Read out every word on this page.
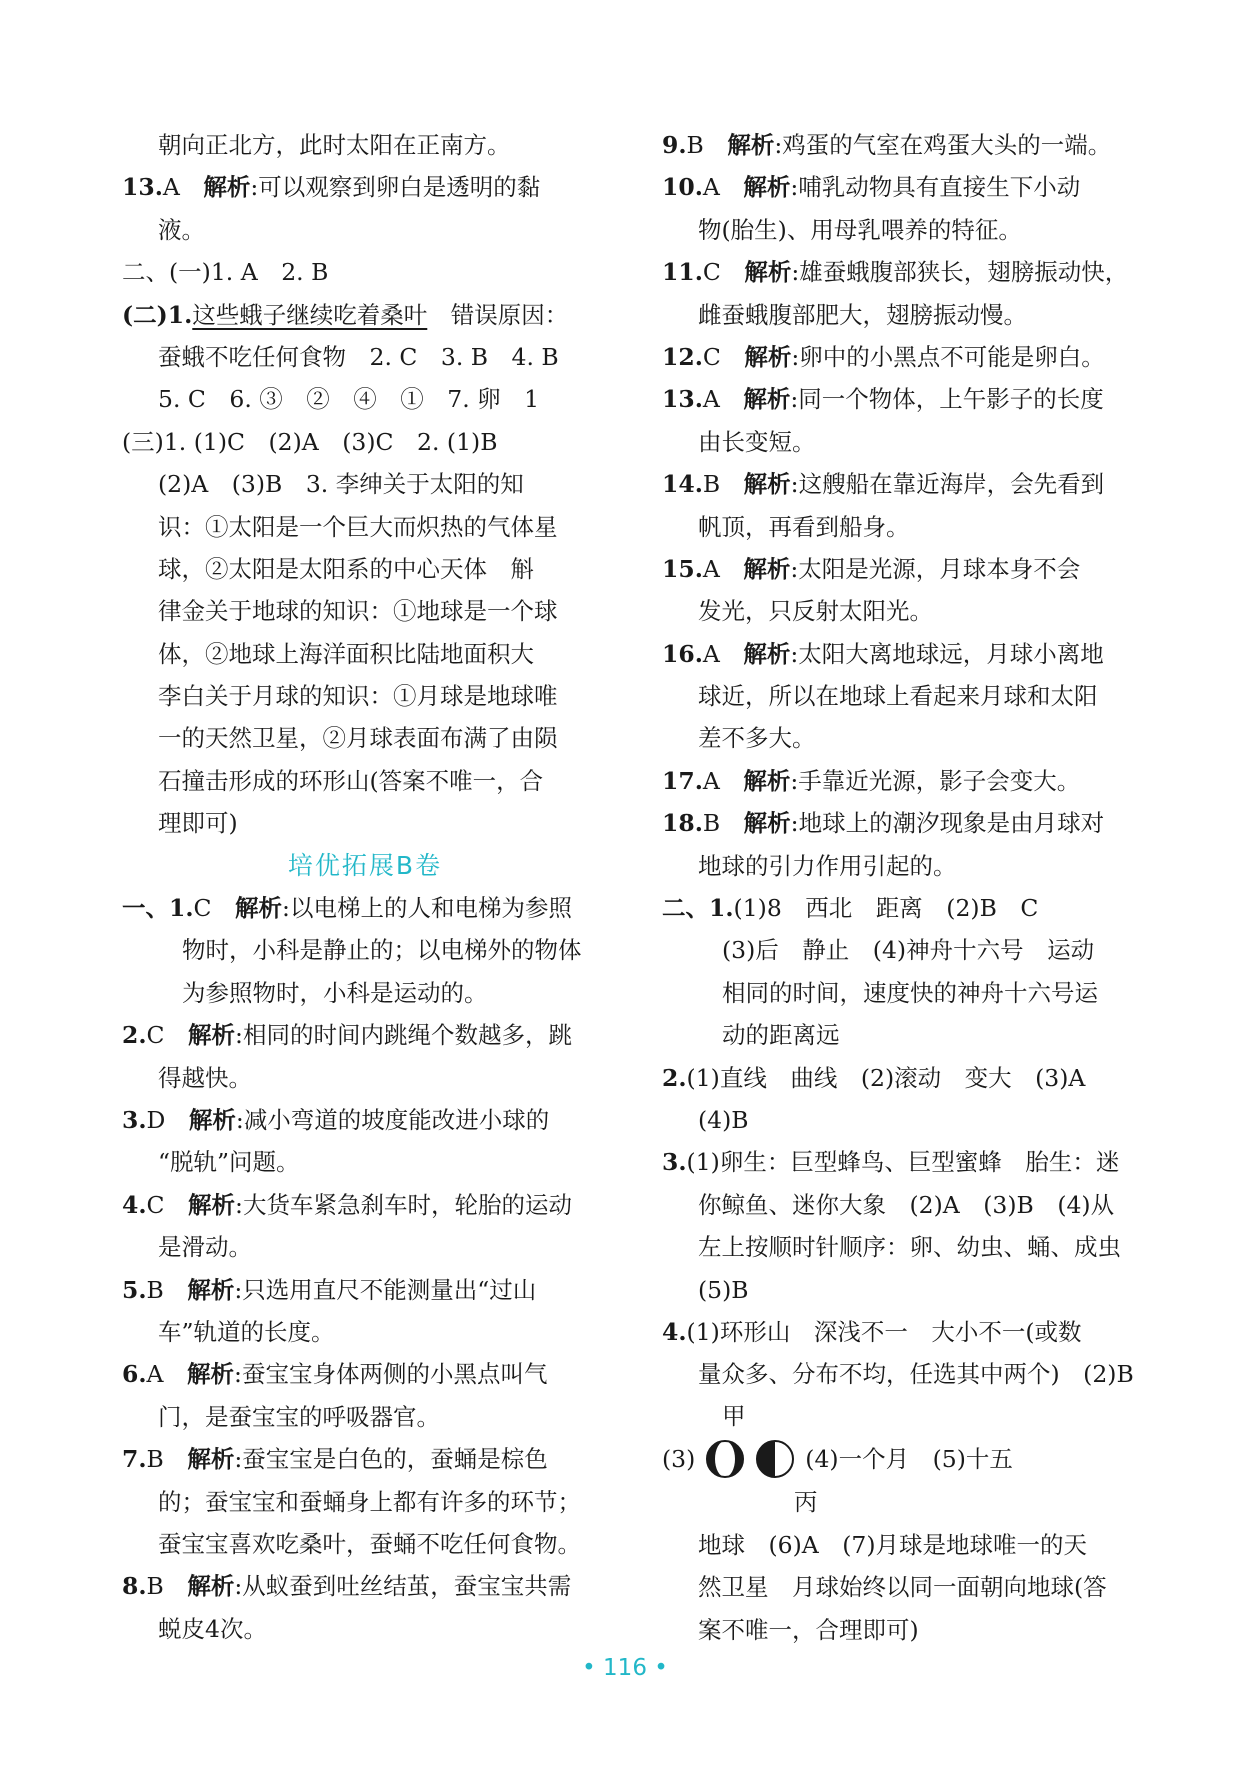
朝向正北方，此时太阳在正南方。
13.A　 解析:可以观察到卵白是透明的黏
液。
二、(一)1. A　2. B
(二)1.这些蛾子继续吃着桑叶　错误原因：
蚕蛾不吃任何食物　2. C　3. B　4. B
5. C　6. ③　②　④　①　7. 卵　1
(三)1. (1)C　(2)A　(3)C　2. (1)B
(2)A　(3)B　3. 李绅关于太阳的知
识：①太阳是一个巨大而炽热的气体星
球，②太阳是太阳系的中心天体　斛
律金关于地球的知识：①地球是一个球
体，②地球上海洋面积比陆地面积大
李白关于月球的知识：①月球是地球唯
一的天然卫星，②月球表面布满了由陨
石撞击形成的环形山(答案不唯一，合
理即可)
培优拓展B卷
一、1.C　 解析:以电梯上的人和电梯为参照
物时，小科是静止的；以电梯外的物体
为参照物时，小科是运动的。
2.C　 解析:相同的时间内跳绳个数越多，跳
得越快。
3.D　 解析:减小弯道的坡度能改进小球的
“脱轨”问题。
4.C　 解析:大货车紧急刹车时，轮胎的运动
是滑动。
5.B　 解析:只选用直尺不能测量出“过山
车”轨道的长度。
6.A　 解析:蚕宝宝身体两侧的小黑点叫气
门，是蚕宝宝的呼吸器官。
7.B　 解析:蚕宝宝是白色的，蚕蛹是棕色
的；蚕宝宝和蚕蛹身上都有许多的环节；
蚕宝宝喜欢吃桑叶，蚕蛹不吃任何食物。
8.B　 解析:从蚁蚕到吐丝结茧，蚕宝宝共需
蜕皮4次。
9.B　 解析:鸡蛋的气室在鸡蛋大头的一端。
10.A　 解析:哺乳动物具有直接生下小动
物(胎生)、用母乳喂养的特征。
11.C　 解析:雄蚕蛾腹部狭长，翅膀振动快，
雌蚕蛾腹部肥大，翅膀振动慢。
12.C　 解析:卵中的小黑点不可能是卵白。
13.A　 解析:同一个物体，上午影子的长度
由长变短。
14.B　 解析:这艘船在靠近海岸，会先看到
帆顶，再看到船身。
15.A　 解析:太阳是光源，月球本身不会
发光，只反射太阳光。
16.A　 解析:太阳大离地球远，月球小离地
球近，所以在地球上看起来月球和太阳
差不多大。
17.A　 解析:手靠近光源，影子会变大。
18.B　 解析:地球上的潮汐现象是由月球对
地球的引力作用引起的。
二、1.(1)8　西北　距离　(2)B　C
(3)后　静止　(4)神舟十六号　运动
相同的时间，速度快的神舟十六号运
动的距离远
2.(1)直线　曲线　(2)滚动　变大　(3)A
(4)B
3.(1)卵生：巨型蜂鸟、巨型蜜蜂　胎生：迷
你鲸鱼、迷你大象　(2)A　(3)B　(4)从
左上按顺时针顺序：卵、幼虫、蛹、成虫
(5)B
4.(1)环形山　深浅不一　大小不一(或数
量众多、分布不均，任选其中两个)　(2)B
甲
(3)	(4)一个月　(5)十五
丙
地球　(6)A　(7)月球是地球唯一的天
然卫星　月球始终以同一面朝向地球(答
案不唯一，合理即可)
• 116 •
